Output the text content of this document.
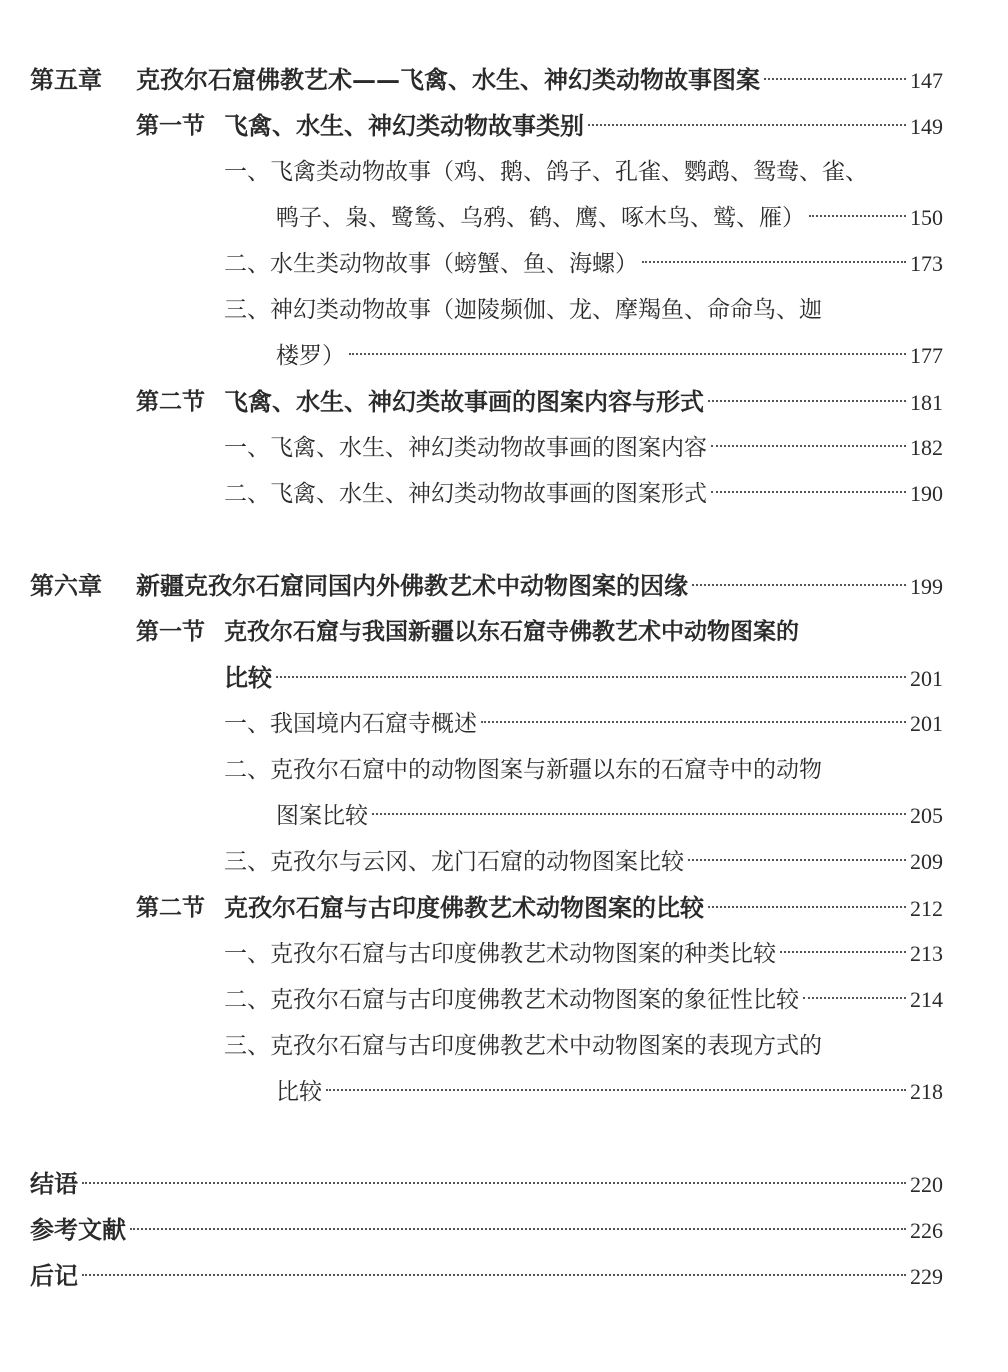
第五章 克孜尔石窟佛教艺术——飞禽、水生、神幻类动物故事图案	147
第一节 飞禽、水生、神幻类动物故事类别	149
一、飞禽类动物故事（鸡、鹅、鸽子、孔雀、鹦鹉、鸳鸯、雀、
鸭子、枭、鹭鸶、乌鸦、鹤、鹰、啄木鸟、鹫、雁）	150
二、水生类动物故事（螃蟹、鱼、海螺）	173
三、神幻类动物故事（迦陵频伽、龙、摩羯鱼、命命鸟、迦
楼罗）	177
第二节 飞禽、水生、神幻类故事画的图案内容与形式	181
一、飞禽、水生、神幻类动物故事画的图案内容	182
二、飞禽、水生、神幻类动物故事画的图案形式	190
第六章 新疆克孜尔石窟同国内外佛教艺术中动物图案的因缘	199
第一节 克孜尔石窟与我国新疆以东石窟寺佛教艺术中动物图案的
比较	201
一、我国境内石窟寺概述	201
二、克孜尔石窟中的动物图案与新疆以东的石窟寺中的动物
图案比较	205
三、克孜尔与云冈、龙门石窟的动物图案比较	209
第二节 克孜尔石窟与古印度佛教艺术动物图案的比较	212
一、克孜尔石窟与古印度佛教艺术动物图案的种类比较	213
二、克孜尔石窟与古印度佛教艺术动物图案的象征性比较	214
三、克孜尔石窟与古印度佛教艺术中动物图案的表现方式的
比较	218
结语	220
参考文献	226
后记	229
